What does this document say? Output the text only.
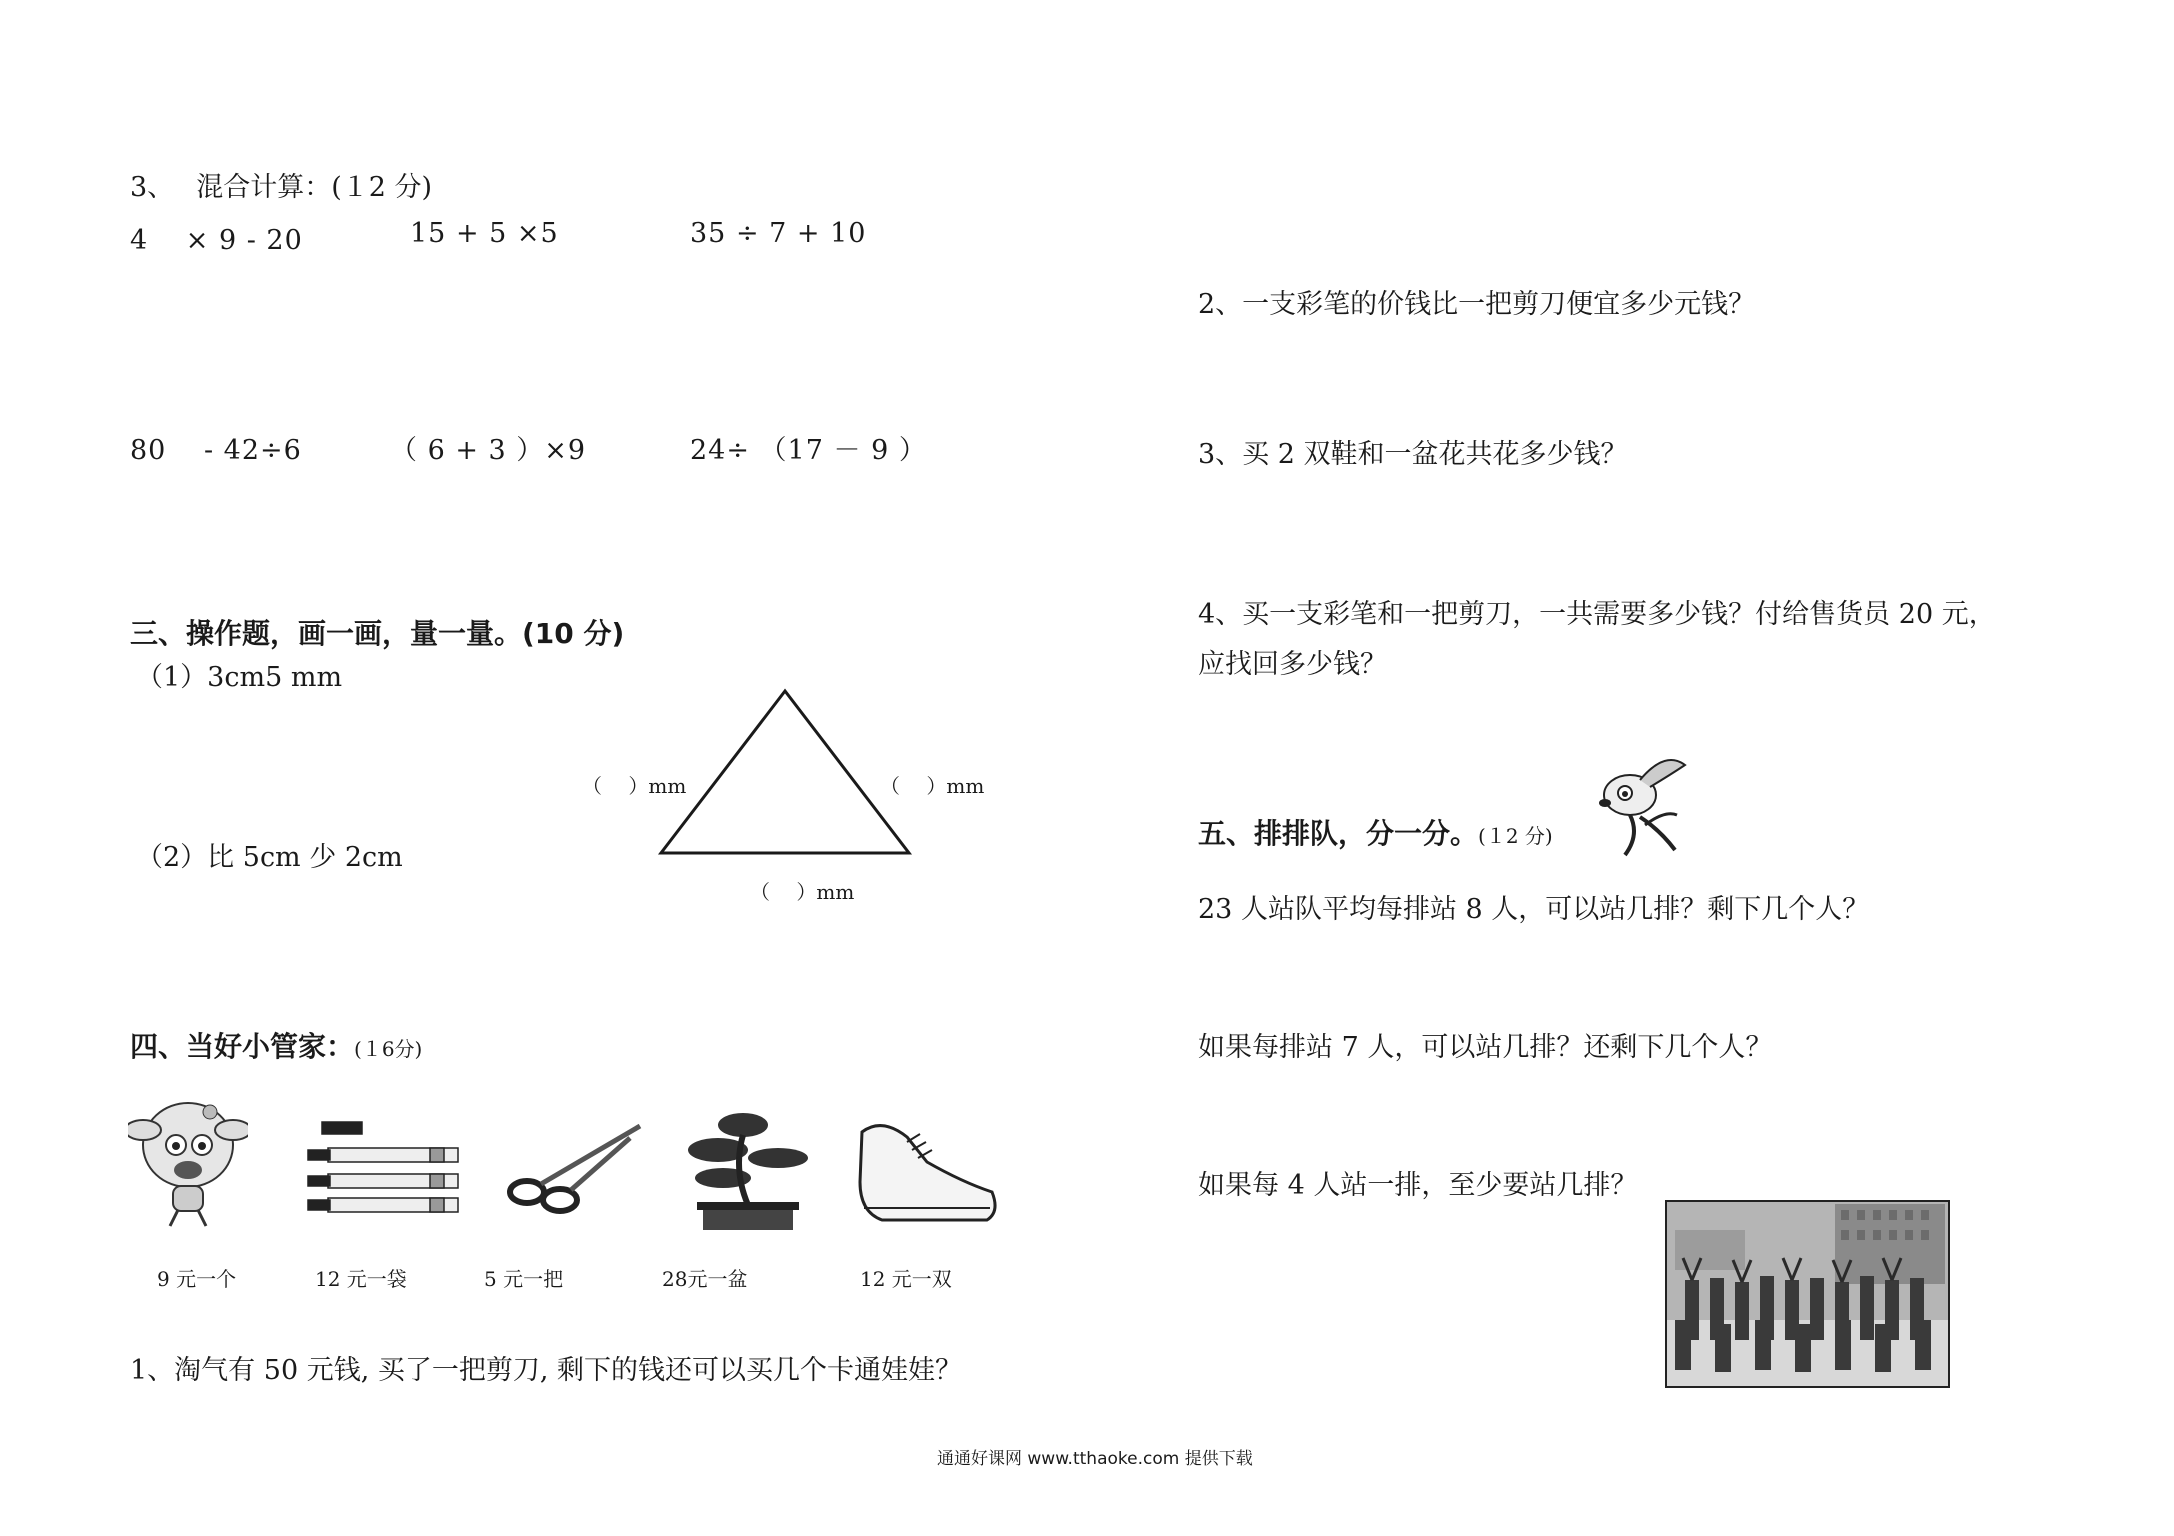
3、　 混合计算：(１2 分)
4 　× 9 - 20	15 + 5 ×5	35 ÷ 7 + 10
80 　- 42÷6	（ 6 + 3 ）×9	24÷ （17 － 9 ）
三、操作题，画一画，量一量。(10 分)
（1）3cm5 mm
（2）比 5cm 少 2cm
（　 ）mm	（　 ）mm
（　 ）mm
四、当好小管家：(１6分)
9 元一个	12 元一袋	5 元一把	28元一盆	12 元一双
1、淘气有 50 元钱, 买了一把剪刀, 剩下的钱还可以买几个卡通娃娃？
2、一支彩笔的价钱比一把剪刀便宜多少元钱？
3、买 2 双鞋和一盆花共花多少钱？
4、买一支彩笔和一把剪刀，一共需要多少钱？付给售货员 20 元，
应找回多少钱？
五、排排队，分一分。(１2 分)
23 人站队平均每排站 8 人，可以站几排？剩下几个人？
如果每排站 7 人，可以站几排？还剩下几个人？
如果每 4 人站一排，至少要站几排？
通通好课网 www.tthaoke.com 提供下载
